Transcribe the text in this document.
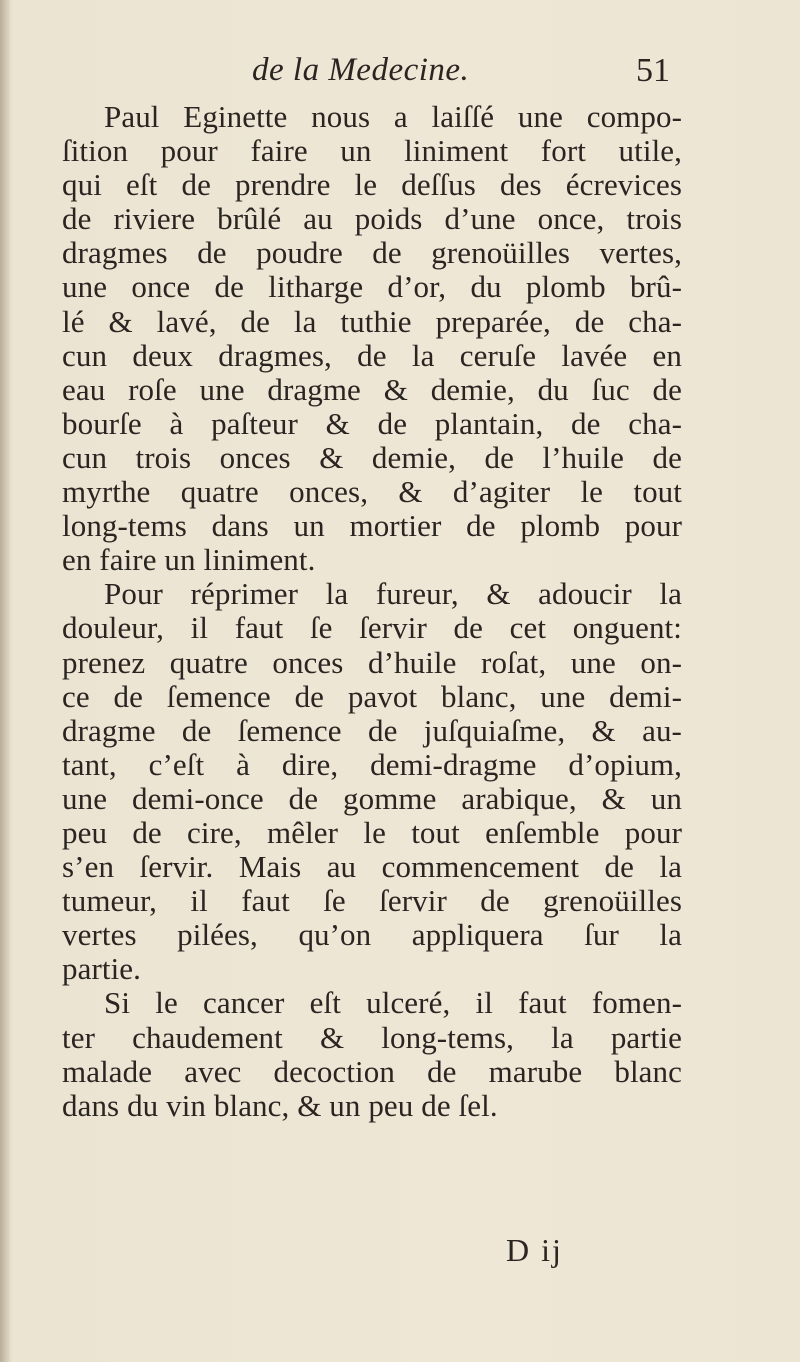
de la Medecine.	51
Paul Eginette nous a laiſſé une compo-
ſition pour faire un liniment fort utile,
qui eſt de prendre le deſſus des écrevices
de riviere brûlé au poids d’une once, trois
dragmes de poudre de grenoüilles vertes,
une once de litharge d’or, du plomb brû-
lé & lavé, de la tuthie preparée, de cha-
cun deux dragmes, de la ceruſe lavée en
eau roſe une dragme & demie, du ſuc de
bourſe à paſteur & de plantain, de cha-
cun trois onces & demie, de l’huile de
myrthe quatre onces, & d’agiter le tout
long-tems dans un mortier de plomb pour
en faire un liniment.
Pour réprimer la fureur, & adoucir la
douleur, il faut ſe ſervir de cet onguent:
prenez quatre onces d’huile roſat, une on-
ce de ſemence de pavot blanc, une demi-
dragme de ſemence de juſquiaſme, & au-
tant, c’eſt à dire, demi-dragme d’opium,
une demi-once de gomme arabique, & un
peu de cire, mêler le tout enſemble pour
s’en ſervir. Mais au commencement de la
tumeur, il faut ſe ſervir de grenoüilles
vertes pilées, qu’on appliquera ſur la
partie.
Si le cancer eſt ulceré, il faut fomen-
ter chaudement & long-tems, la partie
malade avec decoction de marube blanc
dans du vin blanc, & un peu de ſel.
D ij
